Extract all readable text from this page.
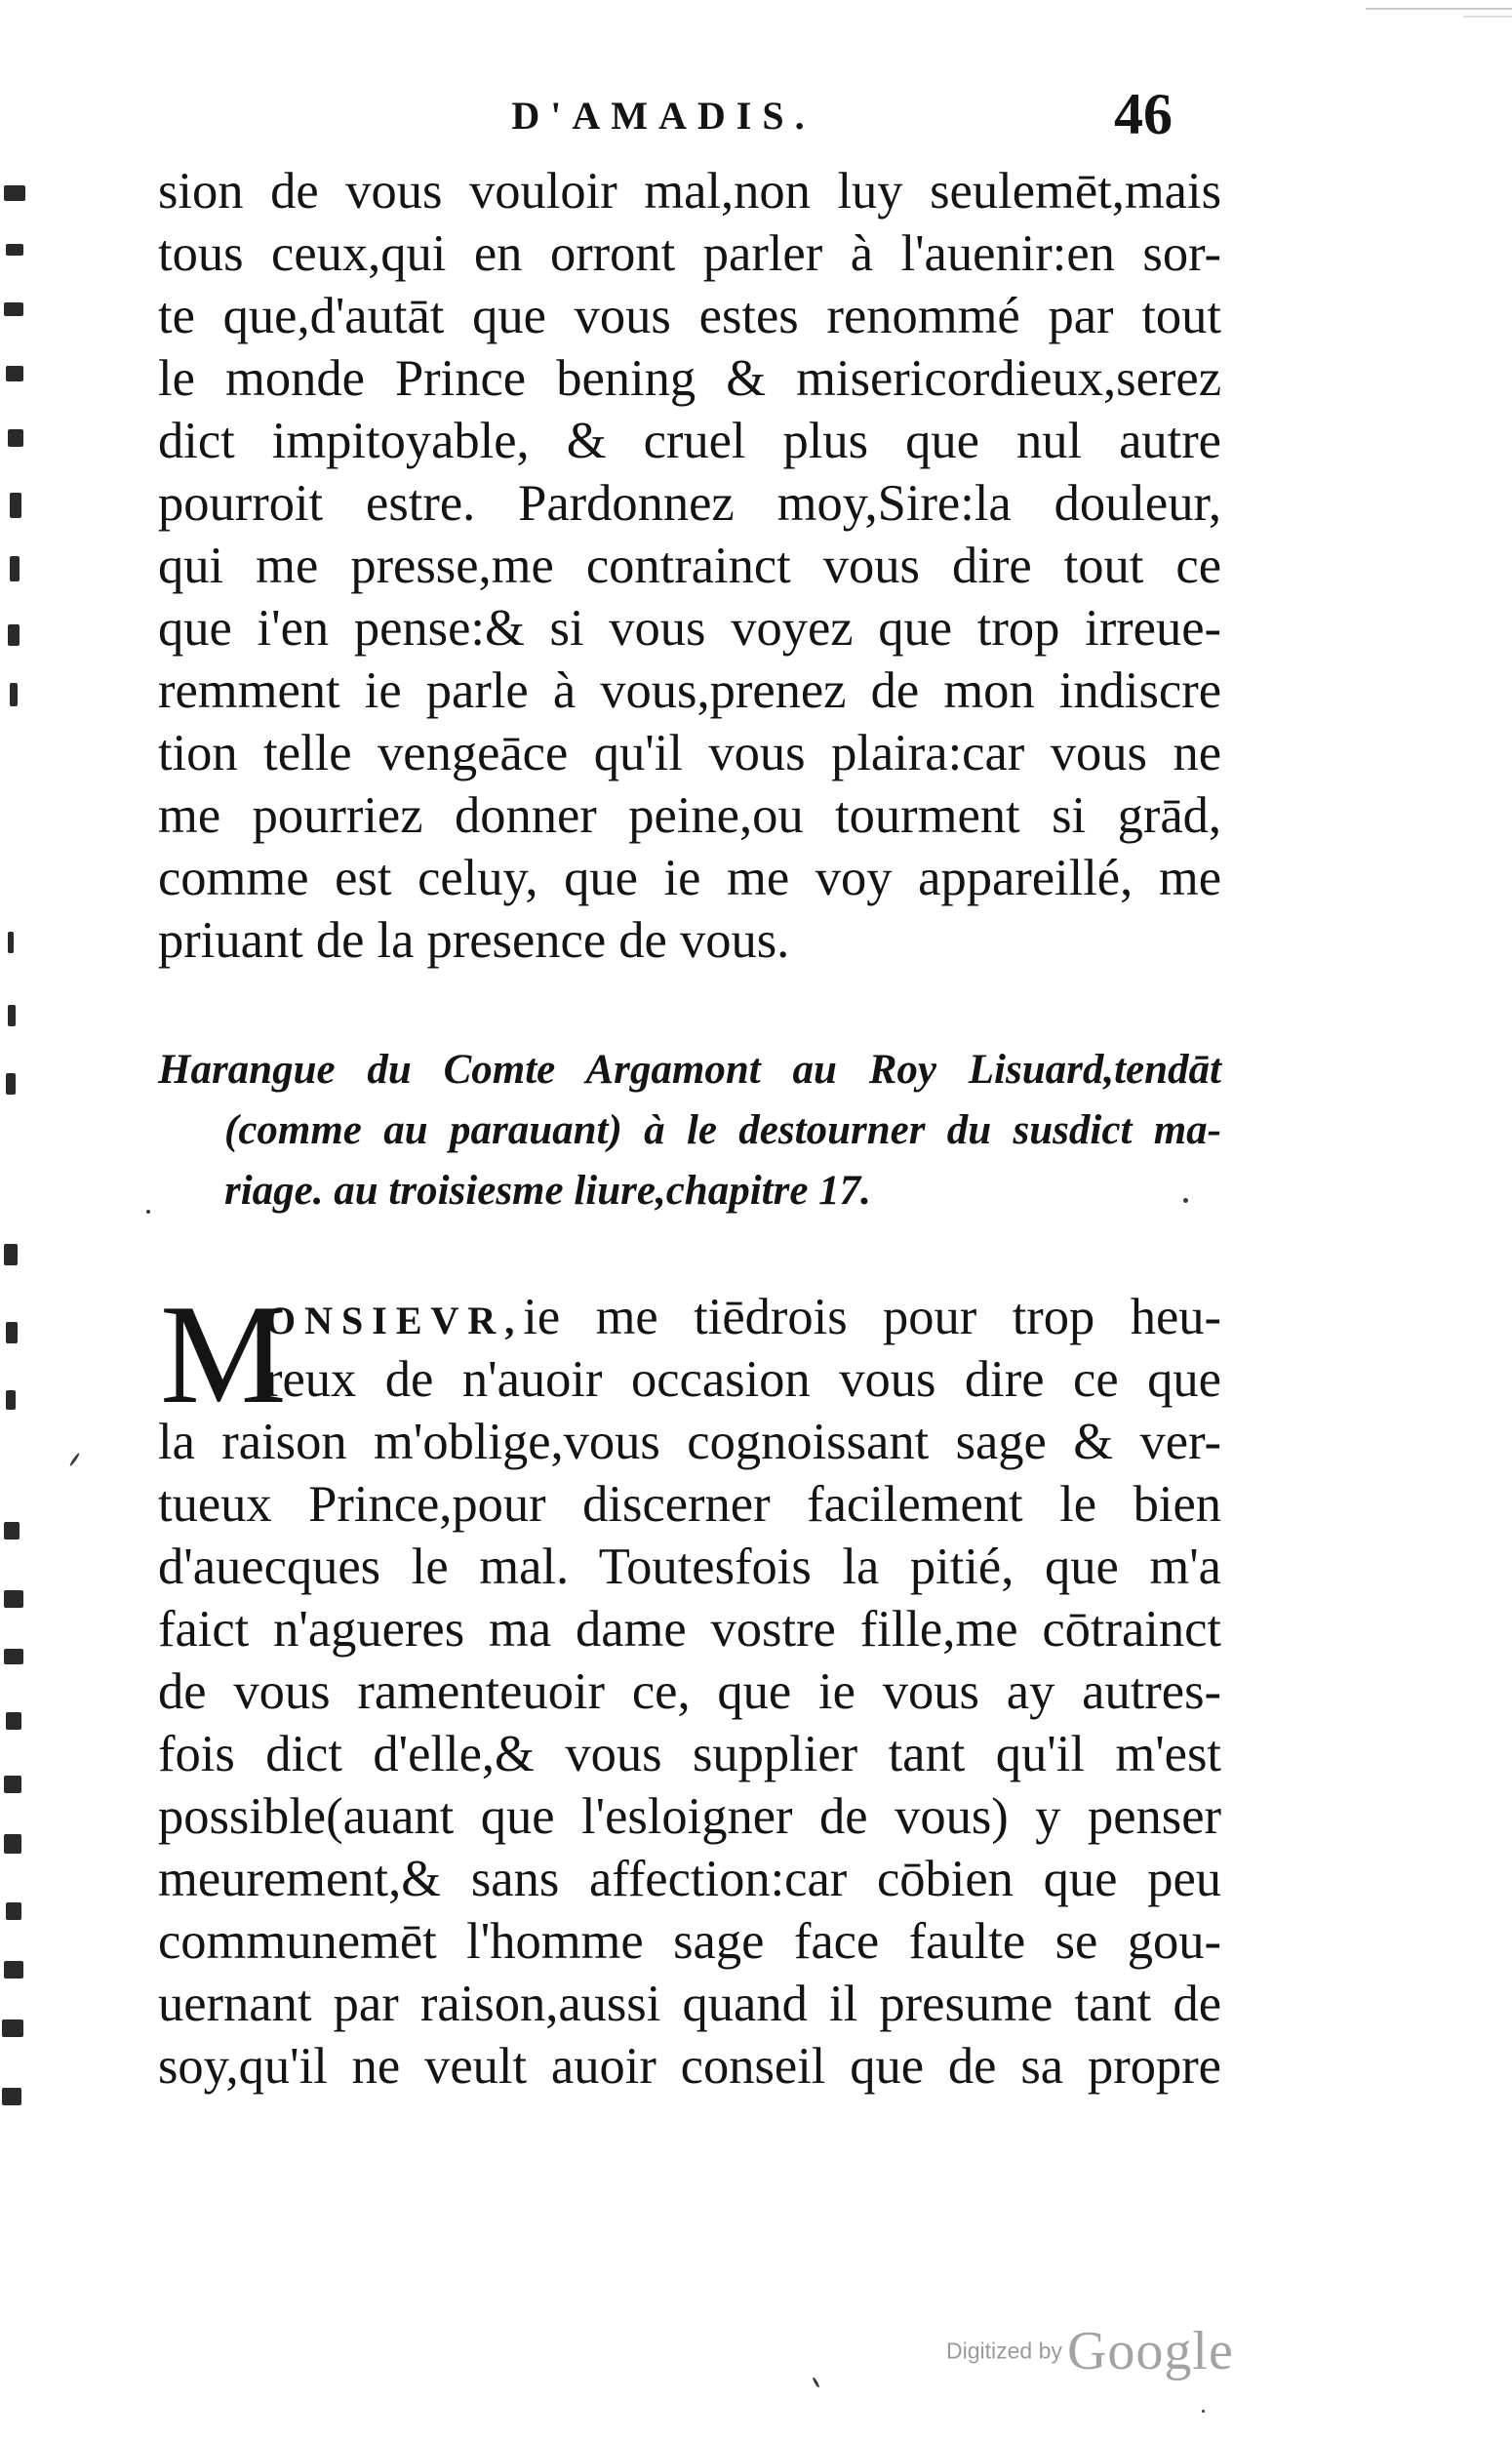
D'AMADIS.	46
sion de vous vouloir mal,non luy seulemēt,mais
tous ceux,qui en orront parler à l'auenir:en sor-
te que,d'autāt que vous estes renommé par tout
le monde Prince bening & misericordieux,serez
dict impitoyable, & cruel plus que nul autre
pourroit estre. Pardonnez moy,Sire:la douleur,
qui me presse,me contrainct vous dire tout ce
que i'en pense:& si vous voyez que trop irreue-
remment ie parle à vous,prenez de mon indiscre
tion telle vengeāce qu'il vous plaira:car vous ne
me pourriez donner peine,ou tourment si grād,
comme est celuy, que ie me voy appareillé, me
priuant de la presence de vous.
Harangue du Comte Argamont au Roy Lisuard,tendāt
(comme au parauant) à le destourner du susdict ma-
riage. au troisiesme liure,chapitre 17.
M
ONSIEVR,ie me tiēdrois pour trop heu-
reux de n'auoir occasion vous dire ce que
la raison m'oblige,vous cognoissant sage & ver-
tueux Prince,pour discerner facilement le bien
d'auecques le mal. Toutesfois la pitié, que m'a
faict n'agueres ma dame vostre fille,me cōtrainct
de vous ramenteuoir ce, que ie vous ay autres-
fois dict d'elle,& vous supplier tant qu'il m'est
possible(auant que l'esloigner de vous) y penser
meurement,& sans affection:car cōbien que peu
communemēt l'homme sage face faulte se gou-
uernant par raison,aussi quand il presume tant de
soy,qu'il ne veult auoir conseil que de sa propre
Digitized by Google
